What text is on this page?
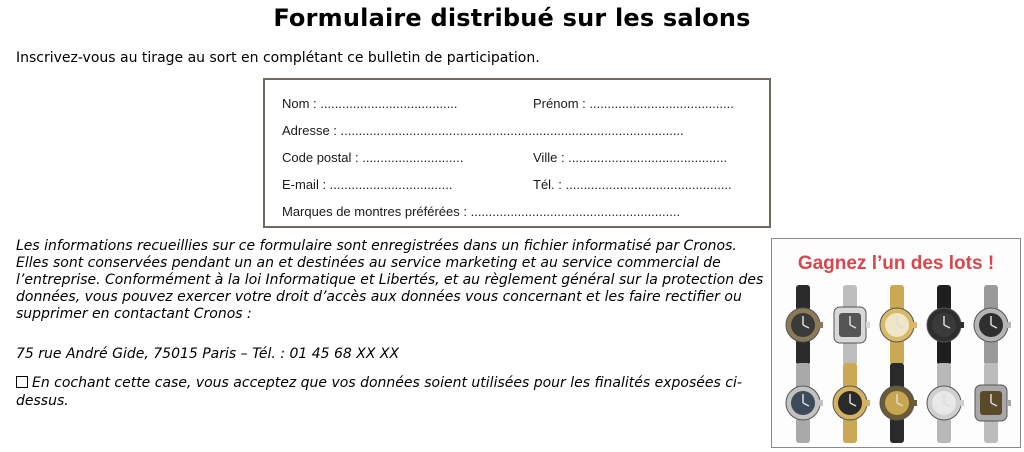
Formulaire distribué sur les salons
Inscrivez-vous au tirage au sort en complétant ce bulletin de participation.
Nom : ......................................	Prénom : ........................................
Adresse : ...............................................................................................
Code postal : ............................	Ville : ............................................
E-mail : ..................................	Tél. : ..............................................
Marques de montres préférées : ..........................................................
Les informations recueillies sur ce formulaire sont enregistrées dans un fichier informatisé par Cronos. Elles sont conservées pendant un an et destinées au service marketing et au service commercial de l’entreprise. Conformément à la loi Informatique et Libertés, et au règlement général sur la protection des données, vous pouvez exercer votre droit d’accès aux données vous concernant et les faire rectifier ou supprimer en contactant Cronos :
75 rue André Gide, 75015 Paris – Tél. : 01 45 68 XX XX
En cochant cette case, vous acceptez que vos données soient utilisées pour les finalités exposées ci-dessus.
Gagnez l’un des lots !
